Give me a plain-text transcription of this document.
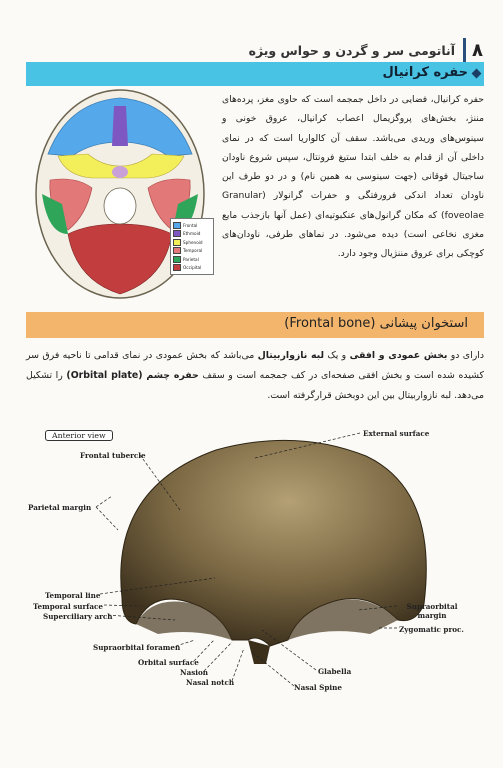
۸
آناتومی سر و گردن و حواس ویژه
حفره کرانیال
حفره کرانیال، فضایی در داخل جمجمه است که حاوی مغز، پرده‌های مننژ، بخش‌های پروگزیمال اعصاب کرانیال، عروق خونی و سینوس‌های وریدی می‌باشد. سقف آن کالواریا است که در نمای داخلی آن از قدام به خلف ابتدا ستیغ فرونتال، سپس شروع ناودان ساجیتال فوقانی (جهت سینوسی به همین نام) و در دو طرف این ناودان تعداد اندکی فرورفتگی و حفرات گرانولار (Granular foveolae) که مکان گرانول‌های عنکبوتیه‌ای (عمل آنها بازجذب مایع مغزی نخاعی است) دیده می‌شود. در نماهای طرفی، ناودان‌های کوچکی برای عروق مننژیال وجود دارد.
Frontal
Ethmoid
Sphenoid
Temporal
Parietal
Occipital
استخوان پیشانی (Frontal bone)
دارای دو بخش عمودی و افقی و یک لبه نازواربیتال می‌باشد که بخش عمودی در نمای قدامی تا ناحیه فرق سر کشیده شده است و بخش افقی صفحه‌ای در کف جمجمه است و سقف حفره چشم (Orbital plate) را تشکیل می‌دهد. لبه نازواربیتال بین این دوبخش قرارگرفته است.
Anterior view	External surface
Frontal tubercle
Parietal margin
Temporal line
Temporal surface
Superciliary arch
Supraorbital foramen
Orbital surface
Nasion
Nasal notch
Glabella
Nasal Spine
Supraorbital margin
Zygomatic proc.
